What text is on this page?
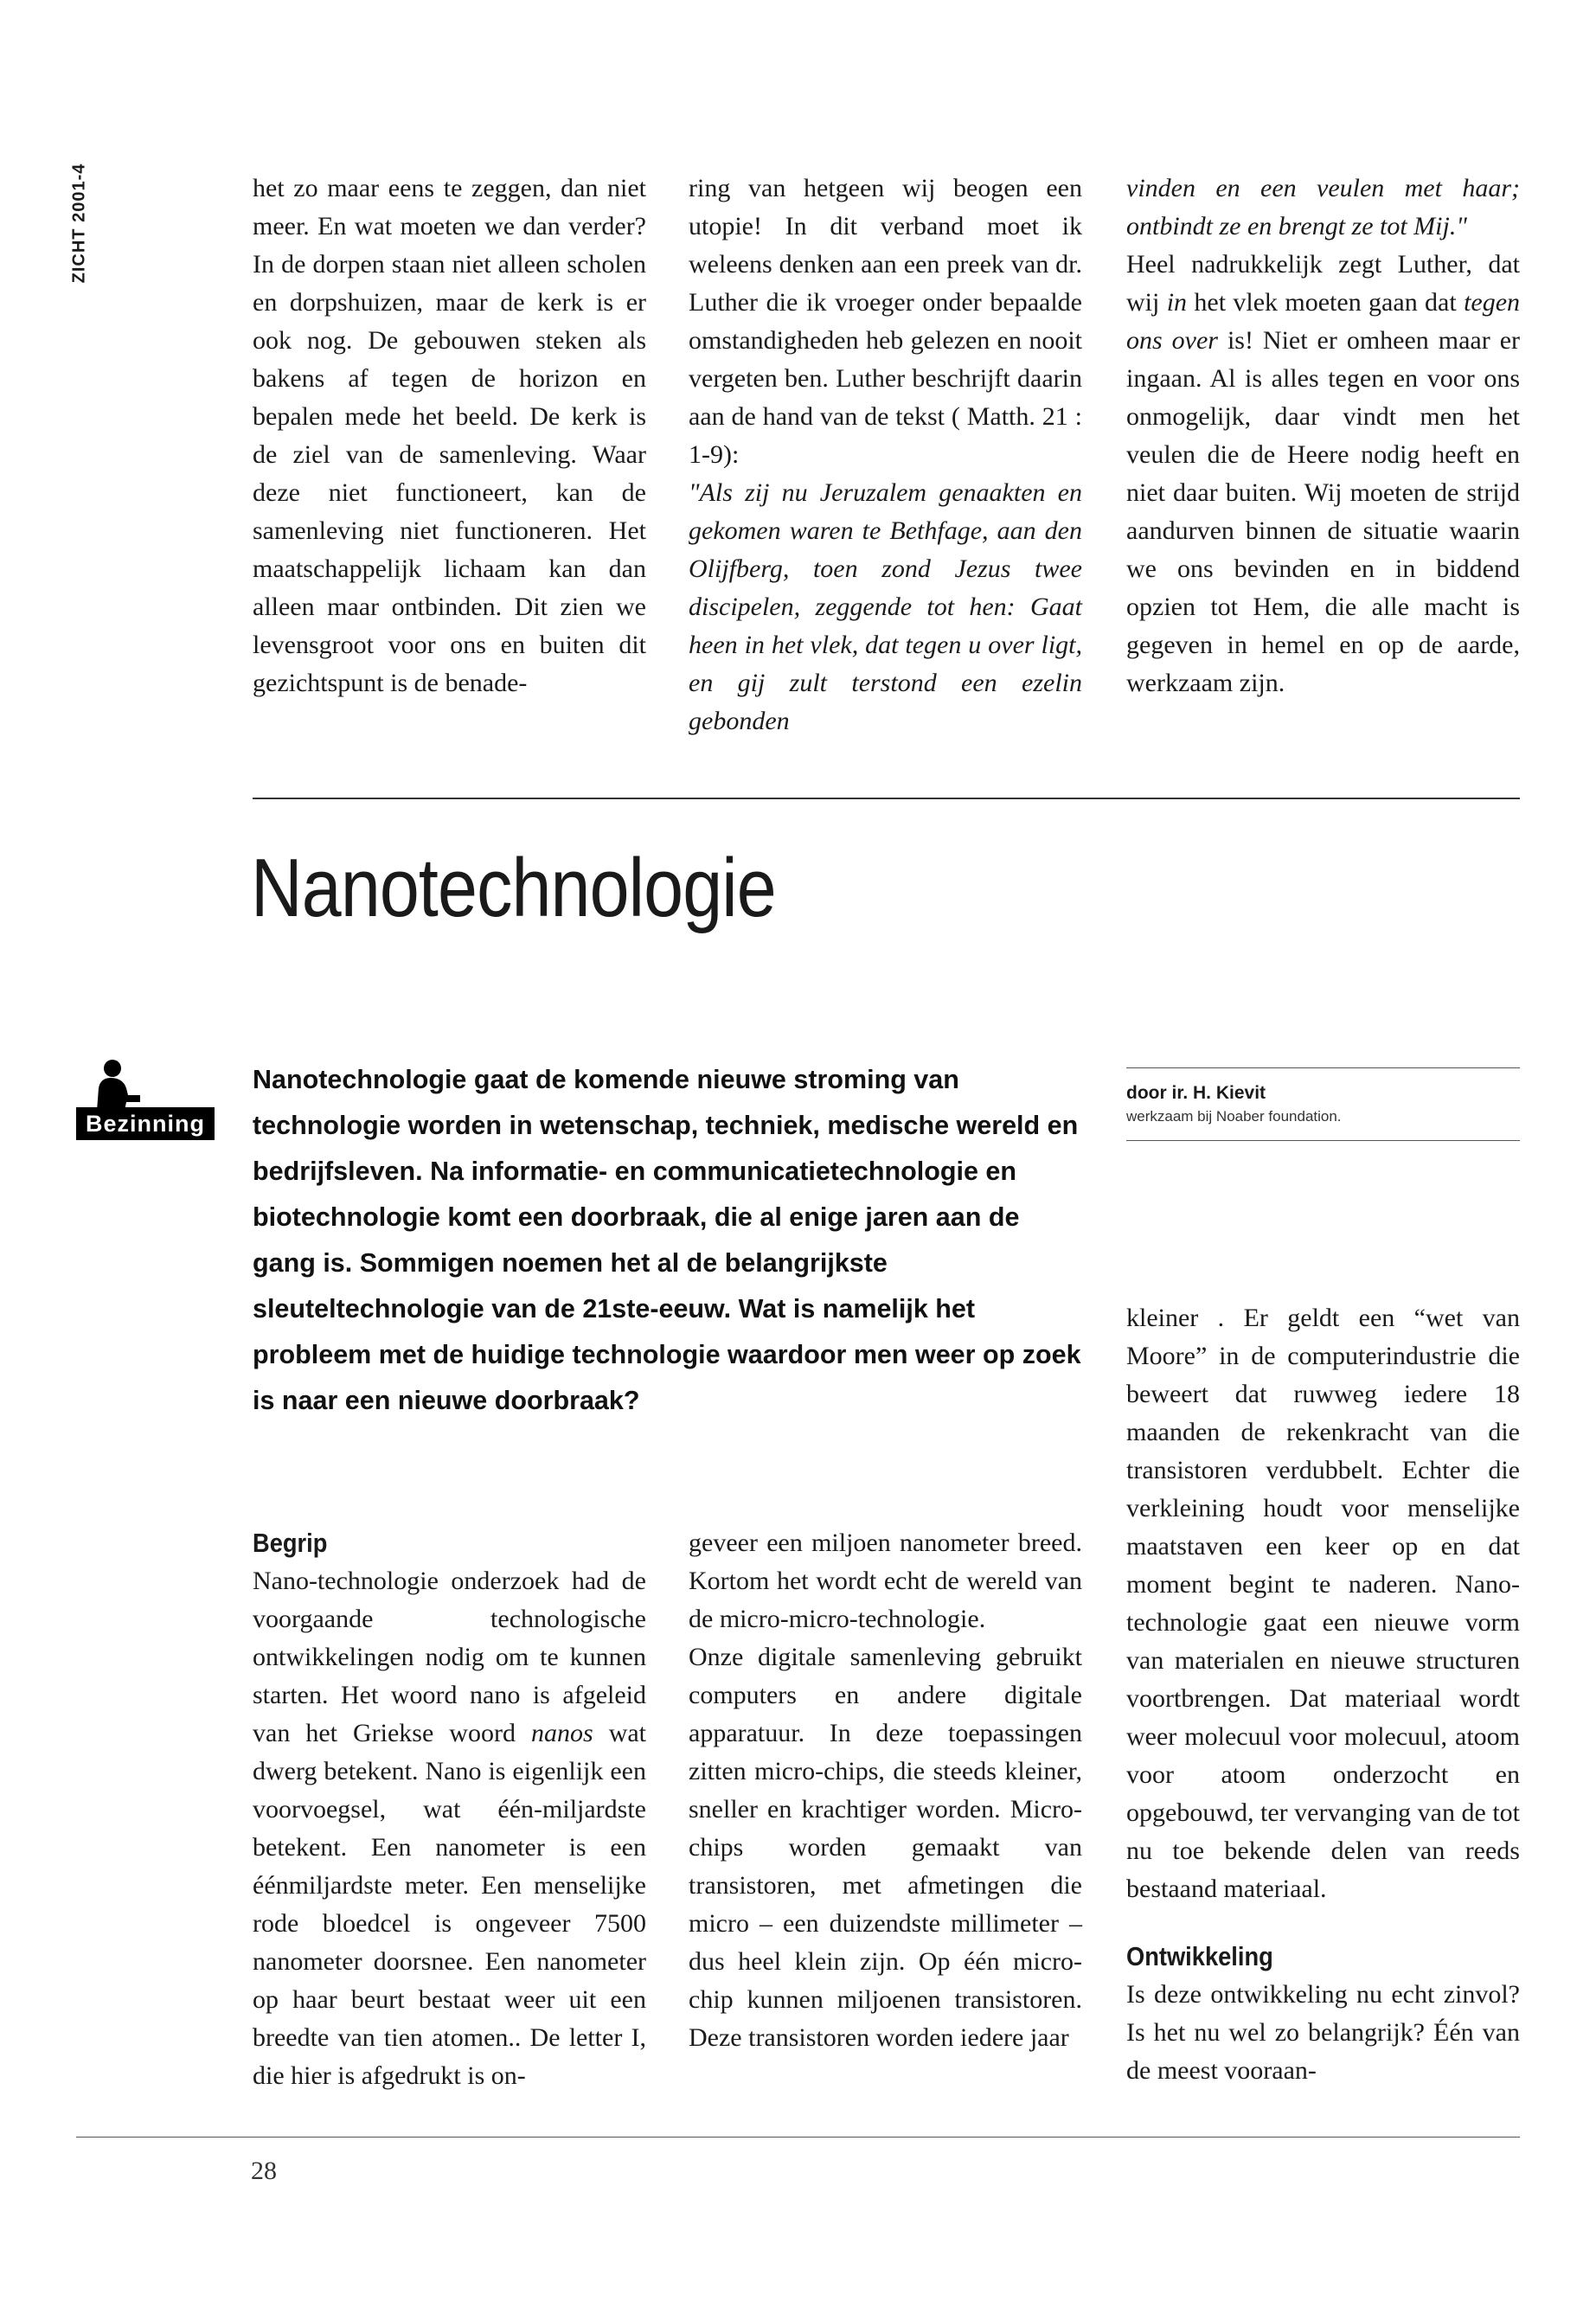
ZICHT 2001-4	het zo maar eens te zeggen, dan niet meer. En wat moeten we dan verder? In de dorpen staan niet alleen scholen en dorpshuizen, maar de kerk is er ook nog. De gebouwen steken als bakens af tegen de horizon en bepalen mede het beeld. De kerk is de ziel van de samenleving. Waar deze niet functioneert, kan de samenleving niet functioneren. Het maatschappelijk lichaam kan dan alleen maar ontbinden. Dit zien we levensgroot voor ons en buiten dit gezichtspunt is de benade-

ring van hetgeen wij beogen een utopie! In dit verband moet ik weleens denken aan een preek van dr. Luther die ik vroeger onder bepaalde omstandigheden heb gelezen en nooit vergeten ben. Luther beschrijft daarin aan de hand van de tekst ( Matth. 21 : 1-9):

"Als zij nu Jeruzalem genaakten en gekomen waren te Bethfage, aan den Olijfberg, toen zond Jezus twee discipelen, zeggende tot hen: Gaat heen in het vlek, dat tegen u over ligt, en gij zult terstond een ezelin gebonden

vinden en een veulen met haar; ontbindt ze en brengt ze tot Mij."

Heel nadrukkelijk zegt Luther, dat wij in het vlek moeten gaan dat tegen ons over is! Niet er omheen maar er ingaan. Al is alles tegen en voor ons onmogelijk, daar vindt men het veulen die de Heere nodig heeft en niet daar buiten. Wij moeten de strijd aandurven binnen de situatie waarin we ons bevinden en in biddend opzien tot Hem, die alle macht is gegeven in hemel en op de aarde, werkzaam zijn.

Nanotechnologie
Bezinning

Nanotechnologie gaat de komende nieuwe stroming van technologie worden in wetenschap, techniek, medische wereld en bedrijfsleven. Na informatie- en communicatietechnologie en biotechnologie komt een doorbraak, die al enige jaren aan de gang is. Sommigen noemen het al de belangrijkste sleuteltechnologie van de 21ste-eeuw. Wat is namelijk het probleem met de huidige technologie waardoor men weer op zoek is naar een nieuwe doorbraak?

door ir. H. Kievit
werkzaam bij Noaber foundation.
Begrip

Nano-technologie onderzoek had de voorgaande technologische ontwikkelingen nodig om te kunnen starten. Het woord nano is afgeleid van het Griekse woord nanos wat dwerg betekent. Nano is eigenlijk een voorvoegsel, wat één-miljardste betekent. Een nanometer is een éénmiljardste meter. Een menselijke rode bloedcel is ongeveer 7500 nanometer doorsnee. Een nanometer op haar beurt bestaat weer uit een breedte van tien atomen.. De letter I, die hier is afgedrukt is on-

geveer een miljoen nanometer breed. Kortom het wordt echt de wereld van de micro-micro-technologie.

Onze digitale samenleving gebruikt computers en andere digitale apparatuur. In deze toepassingen zitten micro-chips, die steeds kleiner, sneller en krachtiger worden. Micro-chips worden gemaakt van transistoren, met afmetingen die micro – een duizendste millimeter – dus heel klein zijn. Op één micro-chip kunnen miljoenen transistoren. Deze transistoren worden iedere jaar

kleiner . Er geldt een “wet van Moore” in de computerindustrie die beweert dat ruwweg iedere 18 maanden de rekenkracht van die transistoren verdubbelt. Echter die verkleining houdt voor menselijke maatstaven een keer op en dat moment begint te naderen. Nano-technologie gaat een nieuwe vorm van materialen en nieuwe structuren voortbrengen. Dat materiaal wordt weer molecuul voor molecuul, atoom voor atoom onderzocht en opgebouwd, ter vervanging van de tot nu toe bekende delen van reeds bestaand materiaal.

Ontwikkeling

Is deze ontwikkeling nu echt zinvol? Is het nu wel zo belangrijk? Één van de meest vooraan-

28
